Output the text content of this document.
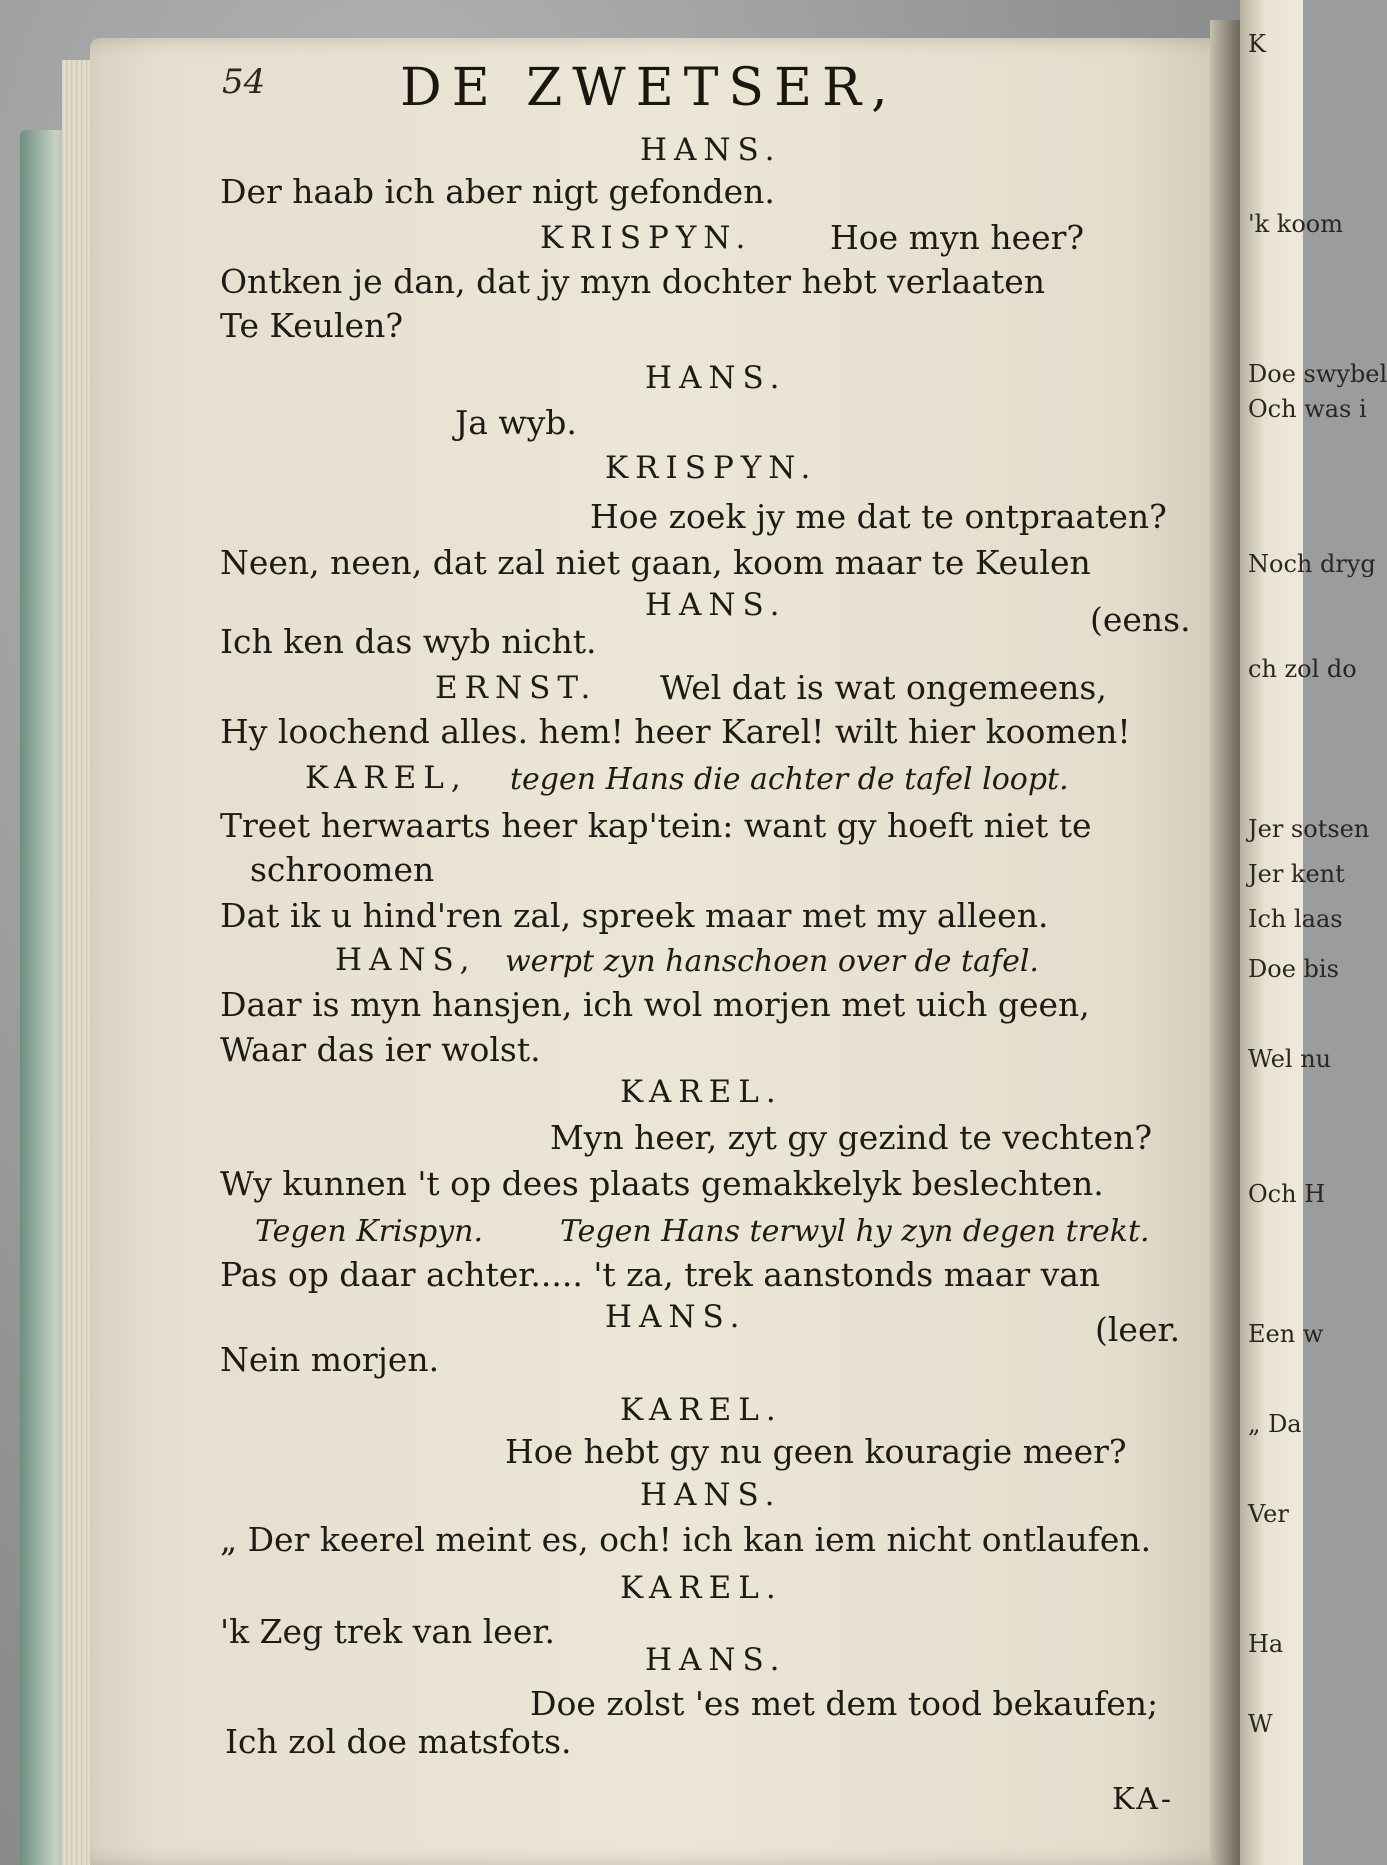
K
'k koom
Doe swybel
Och was i
Noch dryg
ch zol do
Jer sotsen
Jer kent
Ich laas
Doe bis
Wel nu
Och H
Een w
„ Da
Ver
Ha
W
54	DE ZWETSER,
HANS.
Der haab ich aber nigt gefonden.
KRISPYN. Hoe myn heer?
Ontken je dan, dat jy myn dochter hebt verlaaten
Te Keulen?
HANS.
Ja wyb.
KRISPYN.
Hoe zoek jy me dat te ontpraaten?
Neen, neen, dat zal niet gaan, koom maar te Keulen
HANS.	(eens.
Ich ken das wyb nicht.
ERNST. Wel dat is wat ongemeens,
Hy loochend alles. hem! heer Karel! wilt hier koomen!
KAREL, tegen Hans die achter de tafel loopt.
Treet herwaarts heer kap'tein: want gy hoeft niet te
schroomen
Dat ik u hind'ren zal, spreek maar met my alleen.
HANS, werpt zyn hanschoen over de tafel.
Daar is myn hansjen, ich wol morjen met uich geen,
Waar das ier wolst.
KAREL.
Myn heer, zyt gy gezind te vechten?
Wy kunnen 't op dees plaats gemakkelyk beslechten.
Tegen Krispyn.	Tegen Hans terwyl hy zyn degen trekt.
Pas op daar achter..... 't za, trek aanstonds maar van
HANS.	(leer.
Nein morjen.
KAREL.
Hoe hebt gy nu geen kouragie meer?
HANS.
„ Der keerel meint es, och! ich kan iem nicht ontlaufen.
KAREL.
'k Zeg trek van leer.
HANS.
Doe zolst 'es met dem tood bekaufen;
Ich zol doe matsfots.
KA-
